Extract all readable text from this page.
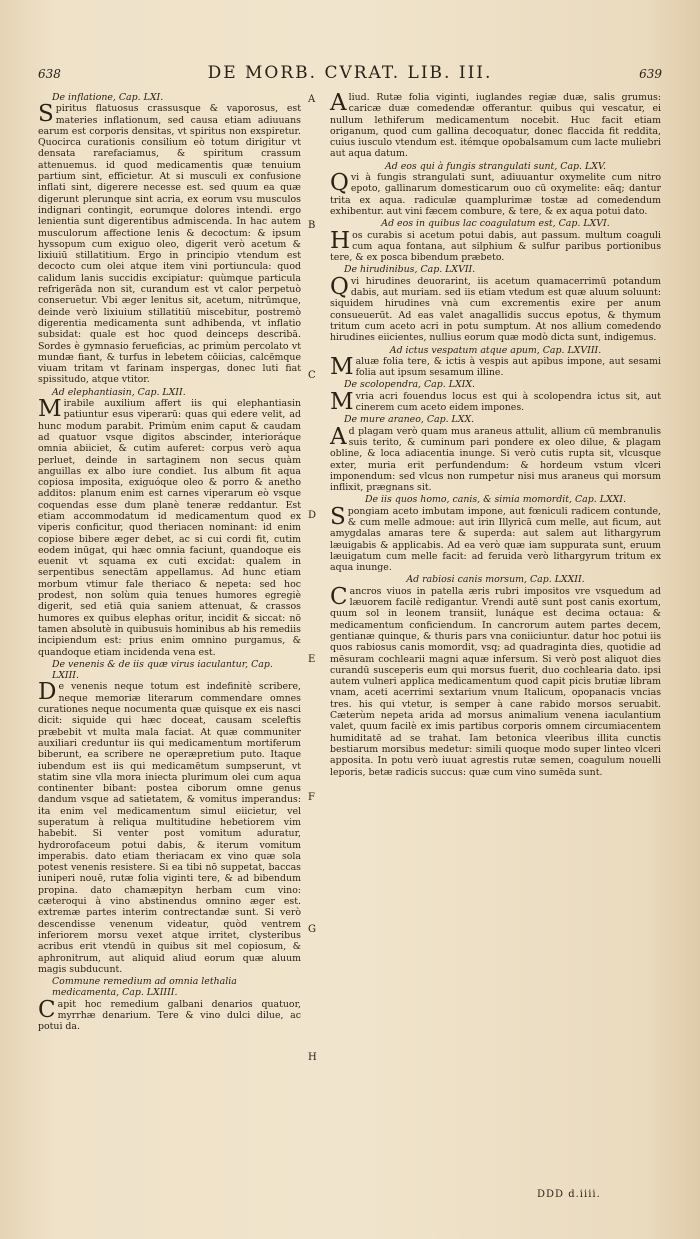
638	DE MORB. CVRAT. LIB. III.	639

De inflatione, Cap. LXI.

Spiritus flatuosus crassusque & vaporosus, est materies inflationum, sed causa etiam adiuuans earum est corporis densitas, vt spiritus non exspiretur. Quocirca curationis consilium eò totum dirigitur vt densata rarefaciamus, & spiritum crassum attenuemus. id quod medicamentis quæ tenuium partium sint, efficietur. At si musculi ex confusione inflati sint, digerere necesse est. sed quum ea quæ digerunt plerunque sint acria, ex eorum vsu musculos indignari contingit, eorumque dolores intendi. ergo lenientia sunt digerentibus admiscenda. In hac autem musculorum affectione lenis & decoctum: & ipsum hyssopum cum exiguo oleo, digerit verò acetum & lixiuiū stillatitium. Ergo in principio vtendum est decocto cum olei atque item vini portiuncula: quod calidum lanis succidis excipiatur: quùmque particula refrigerāda non sit, curandum est vt calor perpetuò conseruetur. Vbi æger lenitus sit, acetum, nitrūmque, deinde verò lixiuium stillatitiū miscebitur, postremò digerentia medicamenta sunt adhibenda, vt inflatio subsidat: quale est hoc quod deinceps describā. Sordes è gymnasio ferueficias, ac primùm percolato vt mundæ fiant, & turfus in lebetem cōiicias, calcēmque viuam tritam vt farinam inspergas, donec luti fiat spissitudo, atque vtitor.

Ad elephantiasin, Cap. LXII.

Mirabile auxilium affert iis qui elephantiasin patiuntur esus viperarū: quas qui edere velit, ad hunc modum parabit. Primùm enim caput & caudam ad quatuor vsque digitos abscinder, interioráque omnia abiiciet, & cutim auferet: corpus verò aqua perluet, deinde in sartaginem non secus quàm anguillas ex albo iure condiet. Ius album fit aqua copiosa imposita, exiguóque oleo & porro & anetho additos: planum enim est carnes viperarum eò vsque coquendas esse dum planè teneræ reddantur. Est etiam accommodatum id medicamentum quod ex viperis conficitur, quod theriacen nominant: id enim copiose bibere æger debet, ac si cui cordi fit, cutim eodem inūgat, qui hæc omnia faciunt, quandoque eis euenit vt squama ex cuti excidat: qualem in serpentibus senectām appellamus. Ad hunc etiam morbum vtimur fale theriaco & nepeta: sed hoc prodest, non solùm quia tenues humores egregiè digerit, sed etiā quia saniem attenuat, & crassos humores ex quibus elephas oritur, incidit & siccat: nō tamen absolutè in quibusuis hominibus ab his remediis incipiendum est: prius enim omnino purgamus, & quandoque etiam incidenda vena est.

De venenis & de iis quæ virus iaculantur, Cap. LXIII.

De venenis neque totum est indefinitè scribere, neque memoriæ literarum commendare omnes curationes neque nocumenta quæ quisque ex eis nasci dicit: siquide qui hæc doceat, causam sceleftis præbebit vt multa mala faciat. At quæ communiter auxiliari creduntur iis qui medicamentum mortiferum biberunt, ea scribere ne operæpretium puto. Itaque iubendum est iis qui medicamētum sumpserunt, vt statim sine vlla mora iniecta plurimum olei cum aqua continenter bibant: postea ciborum omne genus dandum vsque ad satietatem, & vomitus imperandus: ita enim vel medicamentum simul eiicietur, vel superatum à reliqua multitudine hebetiorem vim habebit. Si venter post vomitum aduratur, hydrorofaceum potui dabis, & iterum vomitum imperabis. dato etiam theriacam ex vino quæ sola potest venenis resistere. Si ea tibi nō suppetat, baccas iuniperi nouē, rutæ folia viginti tere, & ad bibendum propina. dato chamæpityn herbam cum vino: cæteroqui à vino abstinendus omnino æger est. extremæ partes interim contrectandæ sunt. Si verò descendisse venenum videatur, quòd ventrem inferiorem morsu vexet atque irritet, clysteribus acribus erit vtendū in quibus sit mel copiosum, & aphronitrum, aut aliquid aliud eorum quæ aluum magis subducunt.

Commune remedium ad omnia lethalia medicamenta, Cap. LXIIII.

Capit hoc remedium galbani denarios quatuor, myrrhæ denarium. Tere & vino dulci dilue, ac potui da.

A
B
C
D
E
F
G
H

Aliud. Rutæ folia viginti, iuglandes regiæ duæ, salis grumus: caricæ duæ comedendæ offerantur. quibus qui vescatur, ei nullum lethiferum medicamentum nocebit. Huc facit etiam origanum, quod cum gallina decoquatur, donec flaccida fit reddita, cuius iusculo vtendum est. itémque opobalsamum cum lacte muliebri aut aqua datum.

Ad eos qui à fungis strangulati sunt, Cap. LXV.

Qvi à fungis strangulati sunt, adiuuantur oxymelite cum nitro epoto, gallinarum domesticarum ouo cū oxymelite: eāq; dantur trita ex aqua. radiculæ quamplurimæ tostæ ad comedendum exhibentur. aut vini fæcem combure, & tere, & ex aqua potui dato.

Ad eos in quibus lac coagulatum est, Cap. LXVI.

Hos curabis si acetum potui dabis, aut passum. multum coaguli cum aqua fontana, aut silphium & sulfur paribus portionibus tere, & ex posca bibendum præbeto.

De hirudinibus, Cap. LXVII.

Qvi hirudines deuorarint, iis acetum quamacerrimū potandum dabis, aut muriam. sed iis etiam vtedum est quæ aluum soluunt: siquidem hirudines vnà cum excrementis exire per anum consueuerūt. Ad eas valet anagallidis succus epotus, & thymum tritum cum aceto acri in potu sumptum. At nos allium comedendo hirudines eiicientes, nullius eorum quæ modò dicta sunt, indigemus.

Ad ictus vespatum atque apum, Cap. LXVIII.

Maluæ folia tere, & ictis à vespis aut apibus impone, aut sesami folia aut ipsum sesamum illine.

De scolopendra, Cap. LXIX.

Mvria acri fouendus locus est qui à scolopendra ictus sit, aut cinerem cum aceto eidem impones.

De mure araneo, Cap. LXX.

Ad plagam verò quam mus araneus attulit, allium cū membranulis suis terito, & cuminum pari pondere ex oleo dilue, & plagam obline, & loca adiacentia inunge. Si verò cutis rupta sit, vlcusque exter, muria erit perfundendum: & hordeum vstum vlceri imponendum: sed vlcus non rumpetur nisi mus araneus qui morsum inflixit, prægnans sit.

De iis quos homo, canis, & simia momordit, Cap. LXXI.

Spongiam aceto imbutam impone, aut fœniculi radicem contunde, & cum melle admoue: aut irin Illyricā cum melle, aut ficum, aut amygdalas amaras tere & superda: aut salem aut lithargyrum læuigabis & applicabis. Ad ea verò quæ iam suppurata sunt, eruum læuigatum cum melle facit: ad feruida verò lithargyrum tritum ex aqua inunge.

Ad rabiosi canis morsum, Cap. LXXII.

Cancros viuos in patella æris rubri impositos vre vsquedum ad læuorem facilè redigantur. Vrendi autē sunt post canis exortum, quum sol in leonem transiit, lunáque est decima octaua: & medicamentum conficiendum. In cancrorum autem partes decem, gentianæ quinque, & thuris pars vna coniiciuntur. datur hoc potui iis quos rabiosus canis momordit, vsq; ad quadraginta dies, quotidie ad mēsuram cochlearii magni aquæ infersum. Si verò post aliquot dies curandū susceperis eum qui morsus fuerit, duo cochlearia dato. ipsi autem vulneri applica medicamentum quod capit picis brutiæ libram vnam, aceti acerrimi sextarium vnum Italicum, opopanacis vncias tres. his qui vtetur, is semper à cane rabido morsos seruabit. Cæterùm nepeta arida ad morsus animalium venena iaculantium valet, quum facilè ex imis partibus corporis omnem circumiacentem humiditatē ad se trahat. Iam betonica vleeribus illita cunctis bestiarum morsibus medetur: simili quoque modo super linteo vlceri apposita. In potu verò iuuat agrestis rutæ semen, coagulum nouelli leporis, betæ radicis succus: quæ cum vino sumēda sunt.

DDD d.iiii.
